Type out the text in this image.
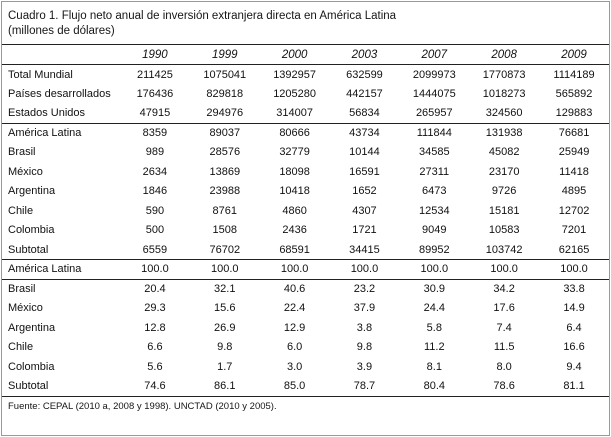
Cuadro 1. Flujo neto anual de inversión extranjera directa en América Latina
(millones de dólares)
	1990	1999	2000	2003	2007	2008	2009
Total Mundial	211425	1075041	1392957	632599	2099973	1770873	1114189
Países desarrollados	176436	829818	1205280	442157	1444075	1018273	565892
Estados Unidos	47915	294976	314007	56834	265957	324560	129883
América Latina	8359	89037	80666	43734	111844	131938	76681
Brasil	989	28576	32779	10144	34585	45082	25949
México	2634	13869	18098	16591	27311	23170	11418
Argentina	1846	23988	10418	1652	6473	9726	4895
Chile	590	8761	4860	4307	12534	15181	12702
Colombia	500	1508	2436	1721	9049	10583	7201
Subtotal	6559	76702	68591	34415	89952	103742	62165
América Latina	100.0	100.0	100.0	100.0	100.0	100.0	100.0
Brasil	20.4	32.1	40.6	23.2	30.9	34.2	33.8
México	29.3	15.6	22.4	37.9	24.4	17.6	14.9
Argentina	12.8	26.9	12.9	3.8	5.8	7.4	6.4
Chile	6.6	9.8	6.0	9.8	11.2	11.5	16.6
Colombia	5.6	1.7	3.0	3.9	8.1	8.0	9.4
Subtotal	74.6	86.1	85.0	78.7	80.4	78.6	81.1
Fuente: CEPAL (2010 a, 2008 y 1998). UNCTAD (2010 y 2005).
